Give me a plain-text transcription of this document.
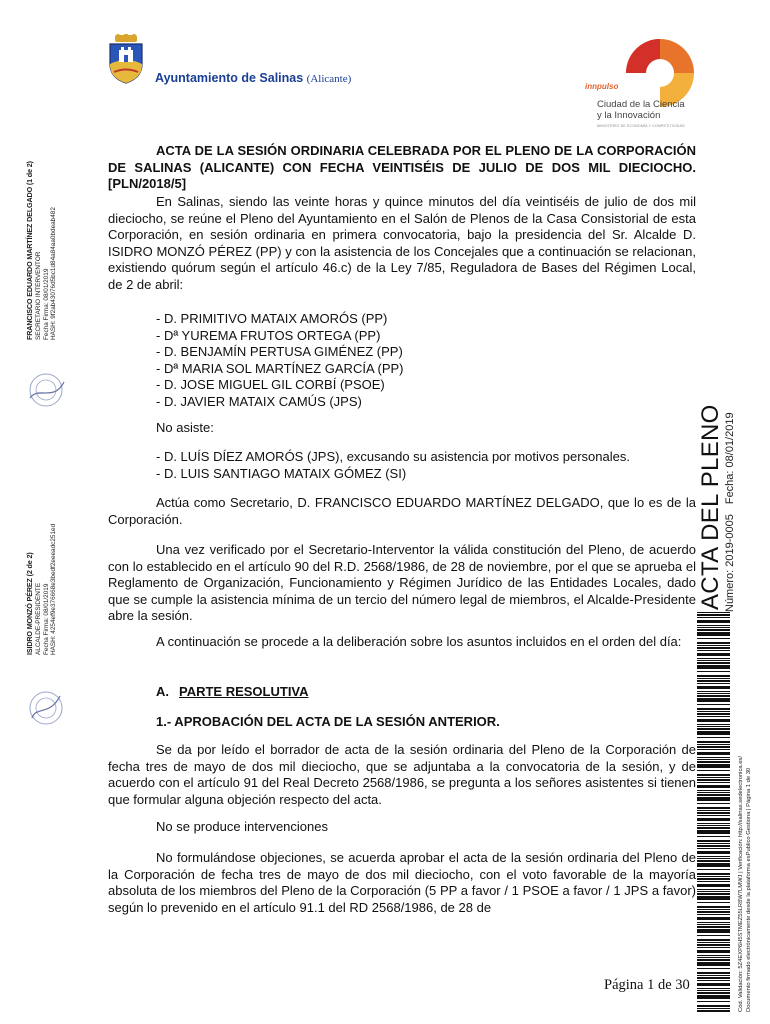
Ayuntamiento de Salinas (Alicante)
innpulso
Ciudad de la Ciencia
y la Innovación
MINISTERIO DE ECONOMÍA Y COMPETITIVIDAD
FRANCISCO EDUARDO MARTÍNEZ DELGADO (1 de 2) SECRETARIO INTERVENTOR Fecha Firma: 08/01/2019 HASH: 9f2ab43076d5bc1d84a84aa0bdeab482
ISIDRO MONZÓ PÉREZ (2 de 2) ALCALDE-PRESIDENTE Fecha Firma: 08/01/2019 HASH: 4254ef9e376668e3bedf2eeeadc251ed	ACTA DEL PLENO Número: 2019-0005Fecha: 08/01/2019
Cód. Validación: 5Z4EXP6H5STMEZ55LR8W7LMWJ | Verificación: http://salinas.sedelectronica.es/ Documento firmado electrónicamente desde la plataforma esPublico Gestiona | Página 1 de 30
ACTA DE LA SESIÓN ORDINARIA CELEBRADA POR EL PLENO DE LA CORPORACIÓN DE SALINAS (ALICANTE) CON FECHA VEINTISÉIS DE JULIO DE DOS MIL DIECIOCHO. [PLN/2018/5]
En Salinas, siendo las veinte horas y quince minutos del día veintiséis de julio de dos mil dieciocho, se reúne el Pleno del Ayuntamiento en el Salón de Plenos de la Casa Consistorial de esta Corporación, en sesión ordinaria en primera convocatoria, bajo la presidencia del Sr. Alcalde D. ISIDRO MONZÓ PÉREZ (PP) y con la asistencia de los Concejales que a continuación se relacionan, existiendo quórum según el artículo 46.c) de la Ley 7/85, Reguladora de Bases del Régimen Local, de 2 de abril:
- D. PRIMITIVO MATAIX AMORÓS (PP)
- Dª YUREMA FRUTOS ORTEGA (PP)
- D. BENJAMÍN PERTUSA GIMÉNEZ (PP)
- Dª MARIA SOL MARTÍNEZ GARCÍA (PP)
- D. JOSE MIGUEL GIL CORBÍ (PSOE)
- D. JAVIER MATAIX CAMÚS (JPS)
No asiste:
- D. LUÍS DÍEZ AMORÓS (JPS), excusando su asistencia por motivos personales.
- D. LUIS SANTIAGO MATAIX GÓMEZ (SI)
Actúa como Secretario, D. FRANCISCO EDUARDO MARTÍNEZ DELGADO, que lo es de la Corporación.
Una vez verificado por el Secretario-Interventor la válida constitución del Pleno, de acuerdo con lo establecido en el artículo 90 del R.D. 2568/1986, de 28 de noviembre, por el que se aprueba el Reglamento de Organización, Funcionamiento y Régimen Jurídico de las Entidades Locales, dado que se cumple la asistencia mínima de un tercio del número legal de miembros, el Alcalde-Presidente abre la sesión.
A continuación se procede a la deliberación sobre los asuntos incluidos en el orden del día:
A. PARTE RESOLUTIVA
1.- APROBACIÓN DEL ACTA DE LA SESIÓN ANTERIOR.
Se da por leído el borrador de acta de la sesión ordinaria del Pleno de la Corporación de fecha tres de mayo de dos mil dieciocho, que se adjuntaba a la convocatoria de la sesión, y de acuerdo con el artículo 91 del Real Decreto 2568/1986, se pregunta a los señores asistentes si tienen que formular alguna objeción respecto del acta.
No se produce intervenciones
No formulándose objeciones, se acuerda aprobar el acta de la sesión ordinaria del Pleno de la Corporación de fecha tres de mayo de dos mil dieciocho, con el voto favorable de la mayoría absoluta de los miembros del Pleno de la Corporación (5 PP a favor / 1 PSOE a favor / 1 JPS a favor) según lo prevenido en el artículo 91.1 del RD 2568/1986, de 28 de
Página 1 de 30
